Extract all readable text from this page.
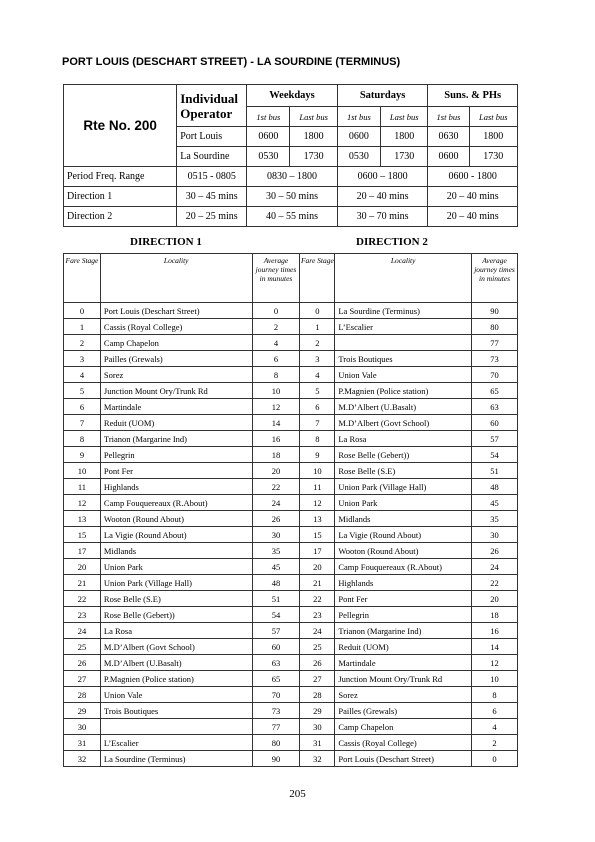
PORT LOUIS (DESCHART STREET) - LA SOURDINE (TERMINUS)
Rte No. 200	Individual Operator	Weekdays		Saturdays		Suns. & PHs	
		1st bus	Last bus	1st bus	Last bus	1st bus	Last bus
	Port Louis	0600	1800	0600	1800	0630	1800
	La Sourdine	0530	1730	0530	1730	0600	1730
Period Freq. Range	0515 - 0805	0830 – 1800		0600 – 1800		0600 - 1800	
Direction 1	30 – 45 mins	30 – 50 mins		20 – 40 mins		20 – 40 mins	
Direction 2	20 – 25 mins	40 – 55 mins		30 – 70 mins		20 – 40 mins	
DIRECTION 1	DIRECTION 2
Fare Stage	Locality	Average journey times in munutes	Fare Stage	Locality	Average journey times in minutes
0	Port Louis (Deschart Street)	0	0	La Sourdine (Terminus)	90
1	Cassis (Royal College)	2	1	L’Escalier	80
2	Camp Chapelon	4	2		77
3	Pailles (Grewals)	6	3	Trois Boutiques	73
4	Sorez	8	4	Union Vale	70
5	Junction Mount Ory/Trunk Rd	10	5	P.Magnien (Police station)	65
6	Martindale	12	6	M.D’Albert (U.Basalt)	63
7	Reduit (UOM)	14	7	M.D’Albert (Govt School)	60
8	Trianon (Margarine Ind)	16	8	La Rosa	57
9	Pellegrin	18	9	Rose Belle (Gebert))	54
10	Pont Fer	20	10	Rose Belle (S.E)	51
11	Highlands	22	11	Union Park (Village Hall)	48
12	Camp Fouquereaux (R.About)	24	12	Union Park	45
13	Wooton (Round About)	26	13	Midlands	35
15	La Vigie (Round About)	30	15	La Vigie (Round About)	30
17	Midlands	35	17	Wooton (Round About)	26
20	Union Park	45	20	Camp Fouquereaux (R.About)	24
21	Union Park (Village Hall)	48	21	Highlands	22
22	Rose Belle (S.E)	51	22	Pont Fer	20
23	Rose Belle (Gebert))	54	23	Pellegrin	18
24	La Rosa	57	24	Trianon (Margarine Ind)	16
25	M.D’Albert (Govt School)	60	25	Reduit (UOM)	14
26	M.D’Albert (U.Basalt)	63	26	Martindale	12
27	P.Magnien (Police station)	65	27	Junction Mount Ory/Trunk Rd	10
28	Union Vale	70	28	Sorez	8
29	Trois Boutiques	73	29	Pailles (Grewals)	6
30		77	30	Camp Chapelon	4
31	L’Escalier	80	31	Cassis (Royal College)	2
32	La Sourdine (Terminus)	90	32	Port Louis (Deschart Street)	0
205
